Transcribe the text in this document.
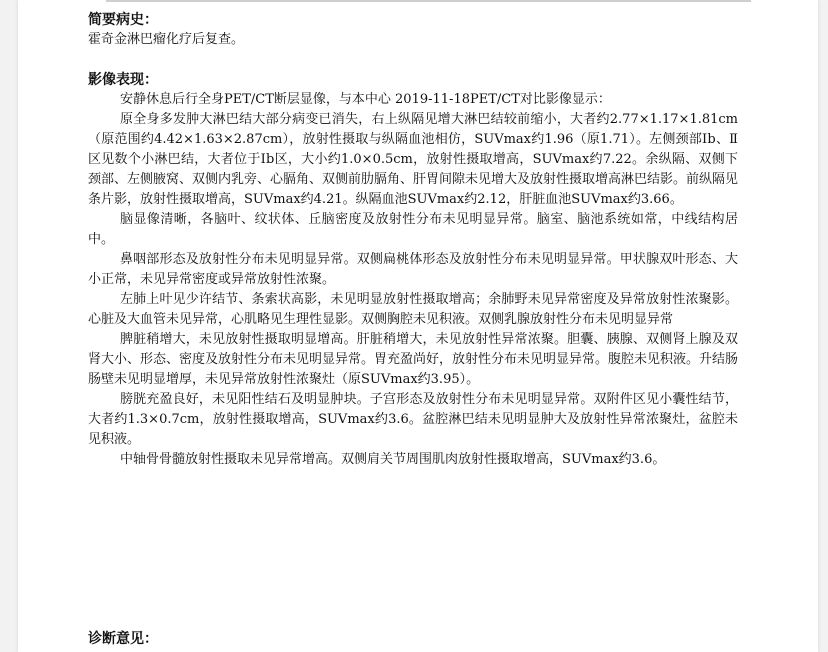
简要病史：

霍奇金淋巴瘤化疗后复查。

影像表现：

安静休息后行全身PET/CT断层显像，与本中心 2019-11-18PET/CT对比影像显示：

原全身多发肿大淋巴结大部分病变已消失，右上纵隔见增大淋巴结较前缩小，大者约2.77×1.17×1.81cm（原范围约4.42×1.63×2.87cm），放射性摄取与纵隔血池相仿，SUVmax约1.96（原1.71）。左侧颈部Ⅰb、Ⅱ区见数个小淋巴结，大者位于Ⅰb区，大小约1.0×0.5cm，放射性摄取增高，SUVmax约7.22。余纵隔、双侧下颈部、左侧腋窝、双侧内乳旁、心膈角、双侧前肋膈角、肝胃间隙未见增大及放射性摄取增高淋巴结影。前纵隔见条片影，放射性摄取增高，SUVmax约4.21。纵隔血池SUVmax约2.12，肝脏血池SUVmax约3.66。

脑显像清晰，各脑叶、纹状体、丘脑密度及放射性分布未见明显异常。脑室、脑池系统如常，中线结构居中。

鼻咽部形态及放射性分布未见明显异常。双侧扁桃体形态及放射性分布未见明显异常。甲状腺双叶形态、大小正常，未见异常密度或异常放射性浓聚。

左肺上叶见少许结节、条索状高影，未见明显放射性摄取增高；余肺野未见异常密度及异常放射性浓聚影。心脏及大血管未见异常，心肌略见生理性显影。双侧胸腔未见积液。双侧乳腺放射性分布未见明显异常

脾脏稍增大，未见放射性摄取明显增高。肝脏稍增大，未见放射性异常浓聚。胆囊、胰腺、双侧肾上腺及双肾大小、形态、密度及放射性分布未见明显异常。胃充盈尚好，放射性分布未见明显异常。腹腔未见积液。升结肠肠壁未见明显增厚，未见异常放射性浓聚灶（原SUVmax约3.95）。

膀胱充盈良好，未见阳性结石及明显肿块。子宫形态及放射性分布未见明显异常。双附件区见小囊性结节，大者约1.3×0.7cm，放射性摄取增高，SUVmax约3.6。盆腔淋巴结未见明显肿大及放射性异常浓聚灶，盆腔未见积液。

中轴骨骨髓放射性摄取未见异常增高。双侧肩关节周围肌肉放射性摄取增高，SUVmax约3.6。

诊断意见：
